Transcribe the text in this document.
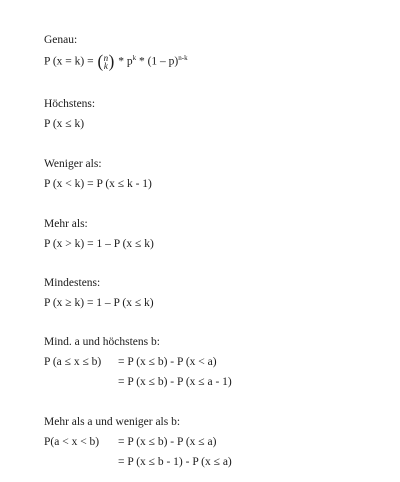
Genau:
P (x = k) = ( n
k ) * $p^k * (1 - p)^{n-k}$
Höchstens:
P (x ≤ k)
Weniger als:
P (x < k) = P (x ≤ k - 1)
Mehr als:
P (x > k) = 1 – P (x ≤ k)
Mindestens:
P (x ≥ k) = 1 – P (x ≤ k)
Mind. a und höchstens b:
P (a ≤ x ≤ b) = P (x ≤ b) - P (x < a)
= P (x ≤ b) - P (x ≤ a - 1)
Mehr als a und weniger als b:
P(a < x < b) = P (x ≤ b) - P (x ≤ a)
= P (x ≤ b - 1) - P (x ≤ a)
